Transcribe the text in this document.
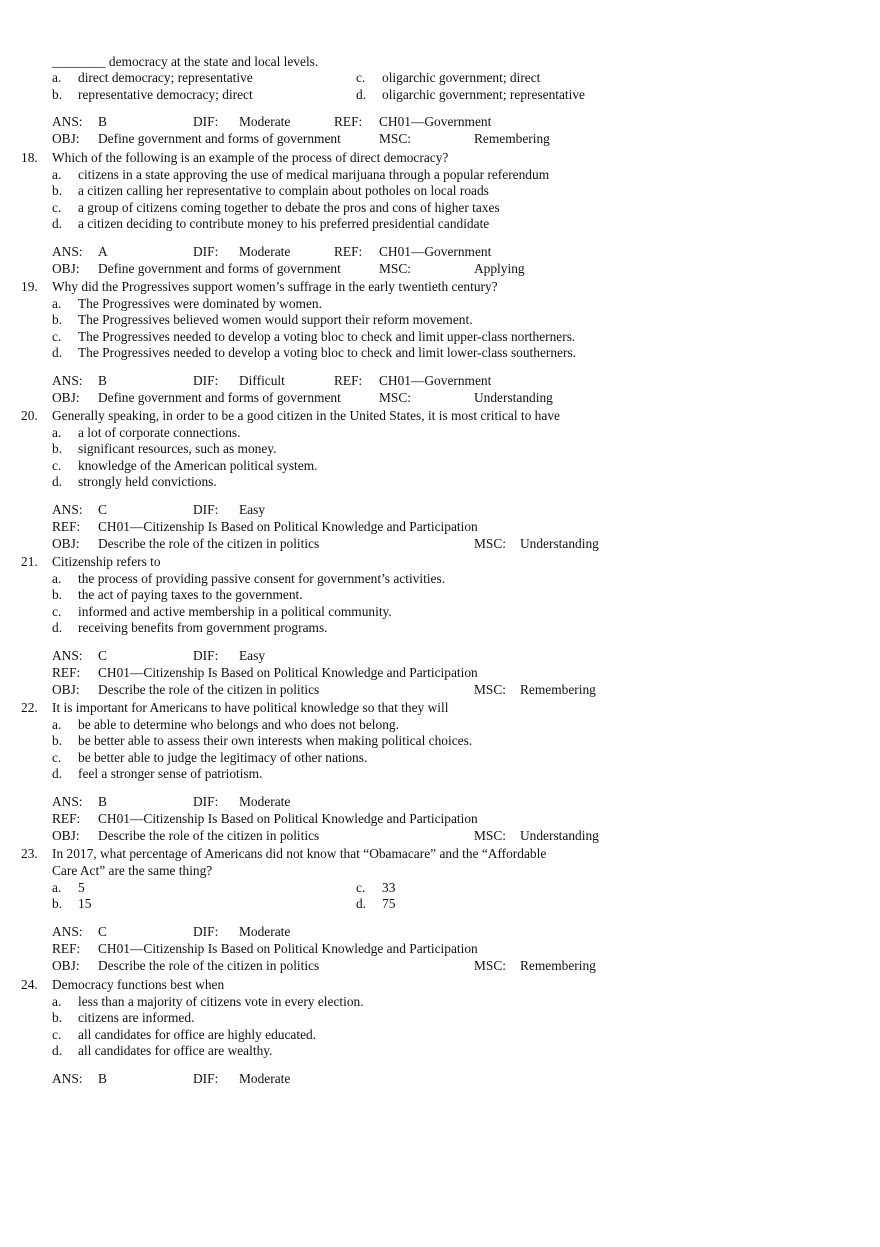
________ democracy at the state and local levels.
a. direct democracy; representative	c. oligarchic government; direct
b. representative democracy; direct	d. oligarchic government; representative
ANS: B	DIF: Moderate	REF: CH01—Government
OBJ: Define government and forms of government	MSC:	Remembering
18. Which of the following is an example of the process of direct democracy?
a. citizens in a state approving the use of medical marijuana through a popular referendum
b. a citizen calling her representative to complain about potholes on local roads
c. a group of citizens coming together to debate the pros and cons of higher taxes
d. a citizen deciding to contribute money to his preferred presidential candidate
ANS: A	DIF: Moderate	REF: CH01—Government
OBJ: Define government and forms of government	MSC:	Applying
19. Why did the Progressives support women’s suffrage in the early twentieth century?
a. The Progressives were dominated by women.
b. The Progressives believed women would support their reform movement.
c. The Progressives needed to develop a voting bloc to check and limit upper-class northerners.
d. The Progressives needed to develop a voting bloc to check and limit lower-class southerners.
ANS: B	DIF: Difficult	REF: CH01—Government
OBJ: Define government and forms of government	MSC:	Understanding
20. Generally speaking, in order to be a good citizen in the United States, it is most critical to have
a. a lot of corporate connections.
b. significant resources, such as money.
c. knowledge of the American political system.
d. strongly held convictions.
ANS: C	DIF: Easy
REF: CH01—Citizenship Is Based on Political Knowledge and Participation
OBJ: Describe the role of the citizen in politics	MSC: Understanding
21. Citizenship refers to
a. the process of providing passive consent for government’s activities.
b. the act of paying taxes to the government.
c. informed and active membership in a political community.
d. receiving benefits from government programs.
ANS: C	DIF: Easy
REF: CH01—Citizenship Is Based on Political Knowledge and Participation
OBJ: Describe the role of the citizen in politics	MSC: Remembering
22. It is important for Americans to have political knowledge so that they will
a. be able to determine who belongs and who does not belong.
b. be better able to assess their own interests when making political choices.
c. be better able to judge the legitimacy of other nations.
d. feel a stronger sense of patriotism.
ANS: B	DIF: Moderate
REF: CH01—Citizenship Is Based on Political Knowledge and Participation
OBJ: Describe the role of the citizen in politics	MSC: Understanding
23. In 2017, what percentage of Americans did not know that “Obamacare” and the “Affordable
Care Act” are the same thing?
a. 5	c. 33
b. 15	d. 75
ANS: C	DIF: Moderate
REF: CH01—Citizenship Is Based on Political Knowledge and Participation
OBJ: Describe the role of the citizen in politics	MSC: Remembering
24. Democracy functions best when
a. less than a majority of citizens vote in every election.
b. citizens are informed.
c. all candidates for office are highly educated.
d. all candidates for office are wealthy.
ANS: B	DIF: Moderate
